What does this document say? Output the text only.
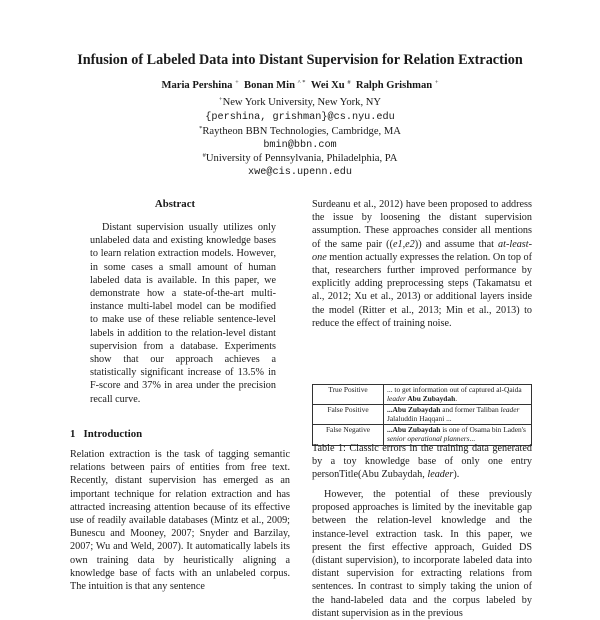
Infusion of Labeled Data into Distant Supervision for Relation Extraction
Maria Pershina + Bonan Min ^ * Wei Xu # Ralph Grishman +
+New York University, New York, NY
{pershina, grishman}@cs.nyu.edu
*Raytheon BBN Technologies, Cambridge, MA
bmin@bbn.com
#University of Pennsylvania, Philadelphia, PA
xwe@cis.upenn.edu
Abstract

Distant supervision usually utilizes only unlabeled data and existing knowledge bases to learn relation extraction models. However, in some cases a small amount of human labeled data is available. In this paper, we demonstrate how a state-of-the-art multi-instance multi-label model can be modified to make use of these reliable sentence-level labels in addition to the relation-level distant supervision from a database. Experiments show that our approach achieves a statistically significant increase of 13.5% in F-score and 37% in area under the precision recall curve.

1 Introduction

Relation extraction is the task of tagging semantic relations between pairs of entities from free text. Recently, distant supervision has emerged as an important technique for relation extraction and has attracted increasing attention because of its effective use of readily available databases (Mintz et al., 2009; Bunescu and Mooney, 2007; Snyder and Barzilay, 2007; Wu and Weld, 2007). It automatically labels its own training data by heuristically aligning a knowledge base of facts with an unlabeled corpus. The intuition is that any sentence

Surdeanu et al., 2012) have been proposed to address the issue by loosening the distant supervision assumption. These approaches consider all mentions of the same pair ((e1,e2)) and assume that at-least-one mention actually expresses the relation. On top of that, researchers further improved performance by explicitly adding preprocessing steps (Takamatsu et al., 2012; Xu et al., 2013) or additional layers inside the model (Ritter et al., 2013; Min et al., 2013) to reduce the effect of training noise.

True Positive	... to get information out of captured al-Qaida leader Abu Zubaydah.
False Positive	...Abu Zubaydah and former Taliban leader Jalaluddin Haqqani ...
False Negative	...Abu Zubaydah is one of Osama bin Laden's senior operational planners...
Table 1: Classic errors in the training data generated by a toy knowledge base of only one entry personTitle(Abu Zubaydah, leader).

However, the potential of these previously proposed approaches is limited by the inevitable gap between the relation-level knowledge and the instance-level extraction task. In this paper, we present the first effective approach, Guided DS (distant supervision), to incorporate labeled data into distant supervision for extracting relations from sentences. In contrast to simply taking the union of the hand-labeled data and the corpus labeled by distant supervision as in the previous
